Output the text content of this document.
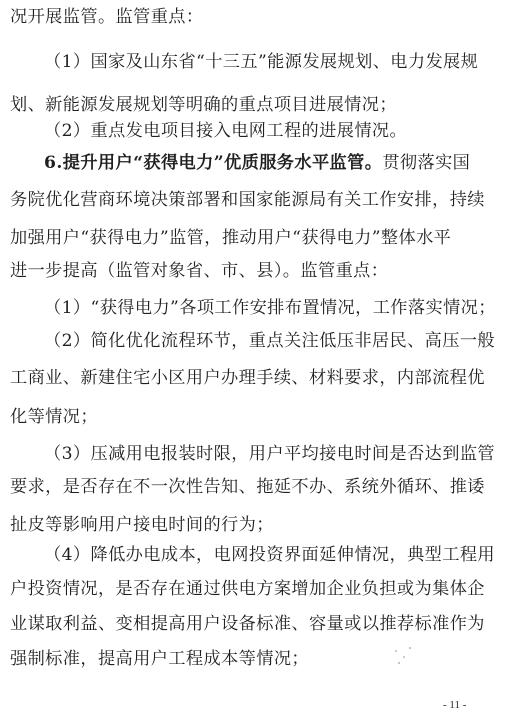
况开展监管。监管重点：
（1）国家及山东省“十三五”能源发展规划、电力发展规
划、新能源发展规划等明确的重点项目进展情况；
（2）重点发电项目接入电网工程的进展情况。
6.提升用户“获得电力”优质服务水平监管。贯彻落实国
务院优化营商环境决策部署和国家能源局有关工作安排，持续
加强用户“获得电力”监管，推动用户“获得电力”整体水平
进一步提高（监管对象省、市、县）。监管重点：
（1）“获得电力”各项工作安排布置情况，工作落实情况；
（2）简化优化流程环节，重点关注低压非居民、高压一般
工商业、新建住宅小区用户办理手续、材料要求，内部流程优
化等情况；
（3）压减用电报装时限，用户平均接电时间是否达到监管
要求，是否存在不一次性告知、拖延不办、系统外循环、推诿
扯皮等影响用户接电时间的行为；
（4）降低办电成本，电网投资界面延伸情况，典型工程用
户投资情况，是否存在通过供电方案增加企业负担或为集体企
业谋取利益、变相提高用户设备标准、容量或以推荐标准作为
强制标准，提高用户工程成本等情况；
- 11 -
